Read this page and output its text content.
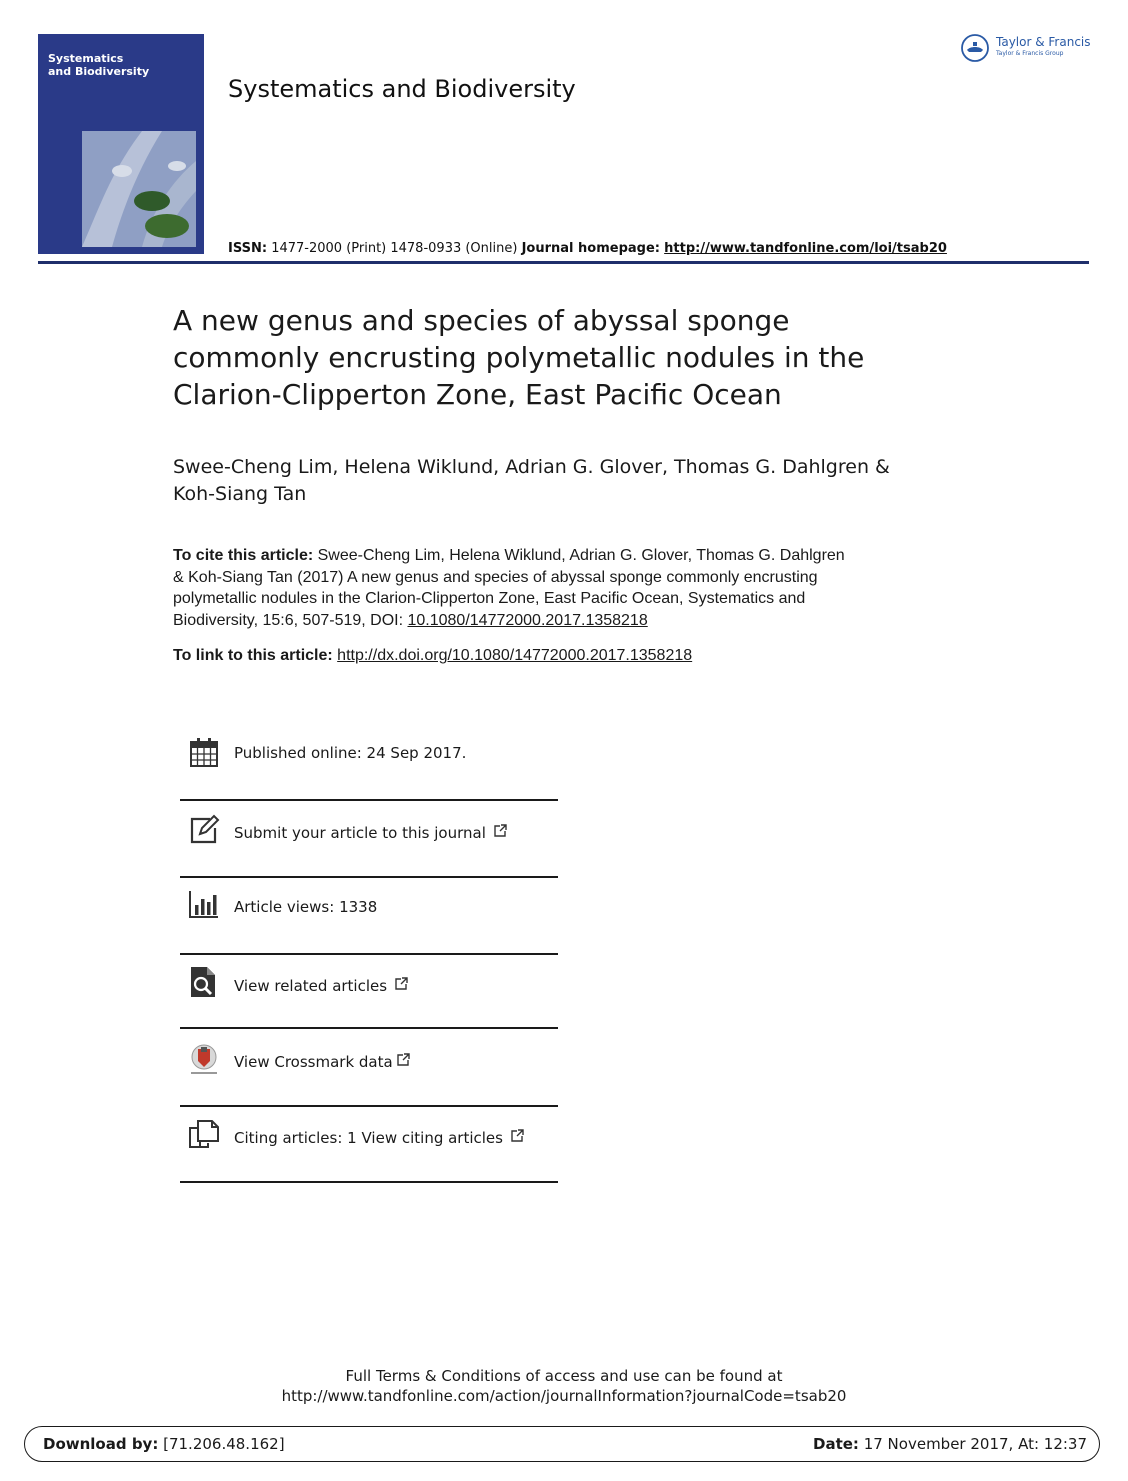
Systematics
and Biodiversity
Systematics and Biodiversity
Taylor & Francis
Taylor & Francis Group
ISSN: 1477-2000 (Print) 1478-0933 (Online) Journal homepage: http://www.tandfonline.com/loi/tsab20
A new genus and species of abyssal sponge
commonly encrusting polymetallic nodules in the
Clarion-Clipperton Zone, East Pacific Ocean
Swee-Cheng Lim, Helena Wiklund, Adrian G. Glover, Thomas G. Dahlgren &
Koh-Siang Tan
To cite this article: Swee-Cheng Lim, Helena Wiklund, Adrian G. Glover, Thomas G. Dahlgren
& Koh-Siang Tan (2017) A new genus and species of abyssal sponge commonly encrusting
polymetallic nodules in the Clarion-Clipperton Zone, East Pacific Ocean, Systematics and
Biodiversity, 15:6, 507-519, DOI: 10.1080/14772000.2017.1358218
To link to this article: http://dx.doi.org/10.1080/14772000.2017.1358218
Published online: 24 Sep 2017.
Submit your article to this journal
Article views: 1338
View related articles
View Crossmark data
Citing articles: 1 View citing articles
Full Terms & Conditions of access and use can be found at
http://www.tandfonline.com/action/journalInformation?journalCode=tsab20
Download by: [71.206.48.162]	Date: 17 November 2017, At: 12:37
